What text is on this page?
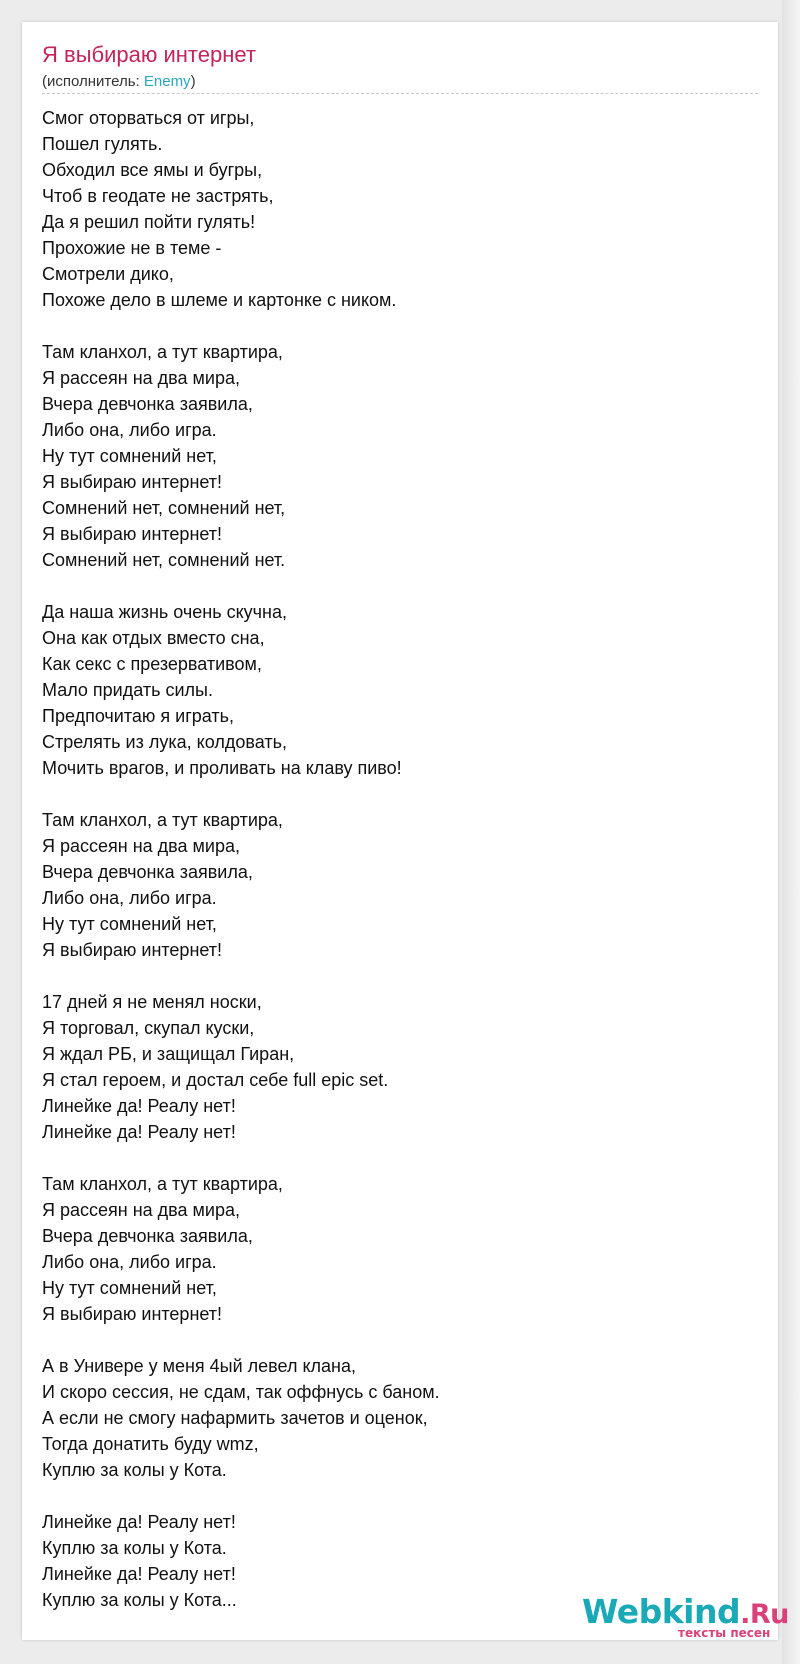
Я выбираю интернет
(исполнитель: Enemy)
Смог оторваться от игры,
Пошел гулять.
Обходил все ямы и бугры,
Чтоб в геодате не застрять,
Да я решил пойти гулять!
Прохожие не в теме -
Смотрели дико,
Похоже дело в шлеме и картонке с ником.
Там кланхол, а тут квартира,
Я рассеян на два мира,
Вчера девчонка заявила,
Либо она, либо игра.
Ну тут сомнений нет,
Я выбираю интернет!
Сомнений нет, сомнений нет,
Я выбираю интернет!
Сомнений нет, сомнений нет.
Да наша жизнь очень скучна,
Она как отдых вместо сна,
Как секс с презервативом,
Мало придать силы.
Предпочитаю я играть,
Стрелять из лука, колдовать,
Мочить врагов, и проливать на клаву пиво!
Там кланхол, а тут квартира,
Я рассеян на два мира,
Вчера девчонка заявила,
Либо она, либо игра.
Ну тут сомнений нет,
Я выбираю интернет!
17 дней я не менял носки,
Я торговал, скупал куски,
Я ждал РБ, и защищал Гиран,
Я стал героем, и достал себе full epic set.
Линейке да! Реалу нет!
Линейке да! Реалу нет!
Там кланхол, а тут квартира,
Я рассеян на два мира,
Вчера девчонка заявила,
Либо она, либо игра.
Ну тут сомнений нет,
Я выбираю интернет!
А в Универе у меня 4ый левел клана,
И скоро сессия, не сдам, так оффнусь с баном.
А если не смогу нафармить зачетов и оценок,
Тогда донатить буду wmz,
Куплю за колы у Кота.
Линейке да! Реалу нет!
Куплю за колы у Кота.
Линейке да! Реалу нет!
Куплю за колы у Кота...	Webkind.Ru
тексты песен
